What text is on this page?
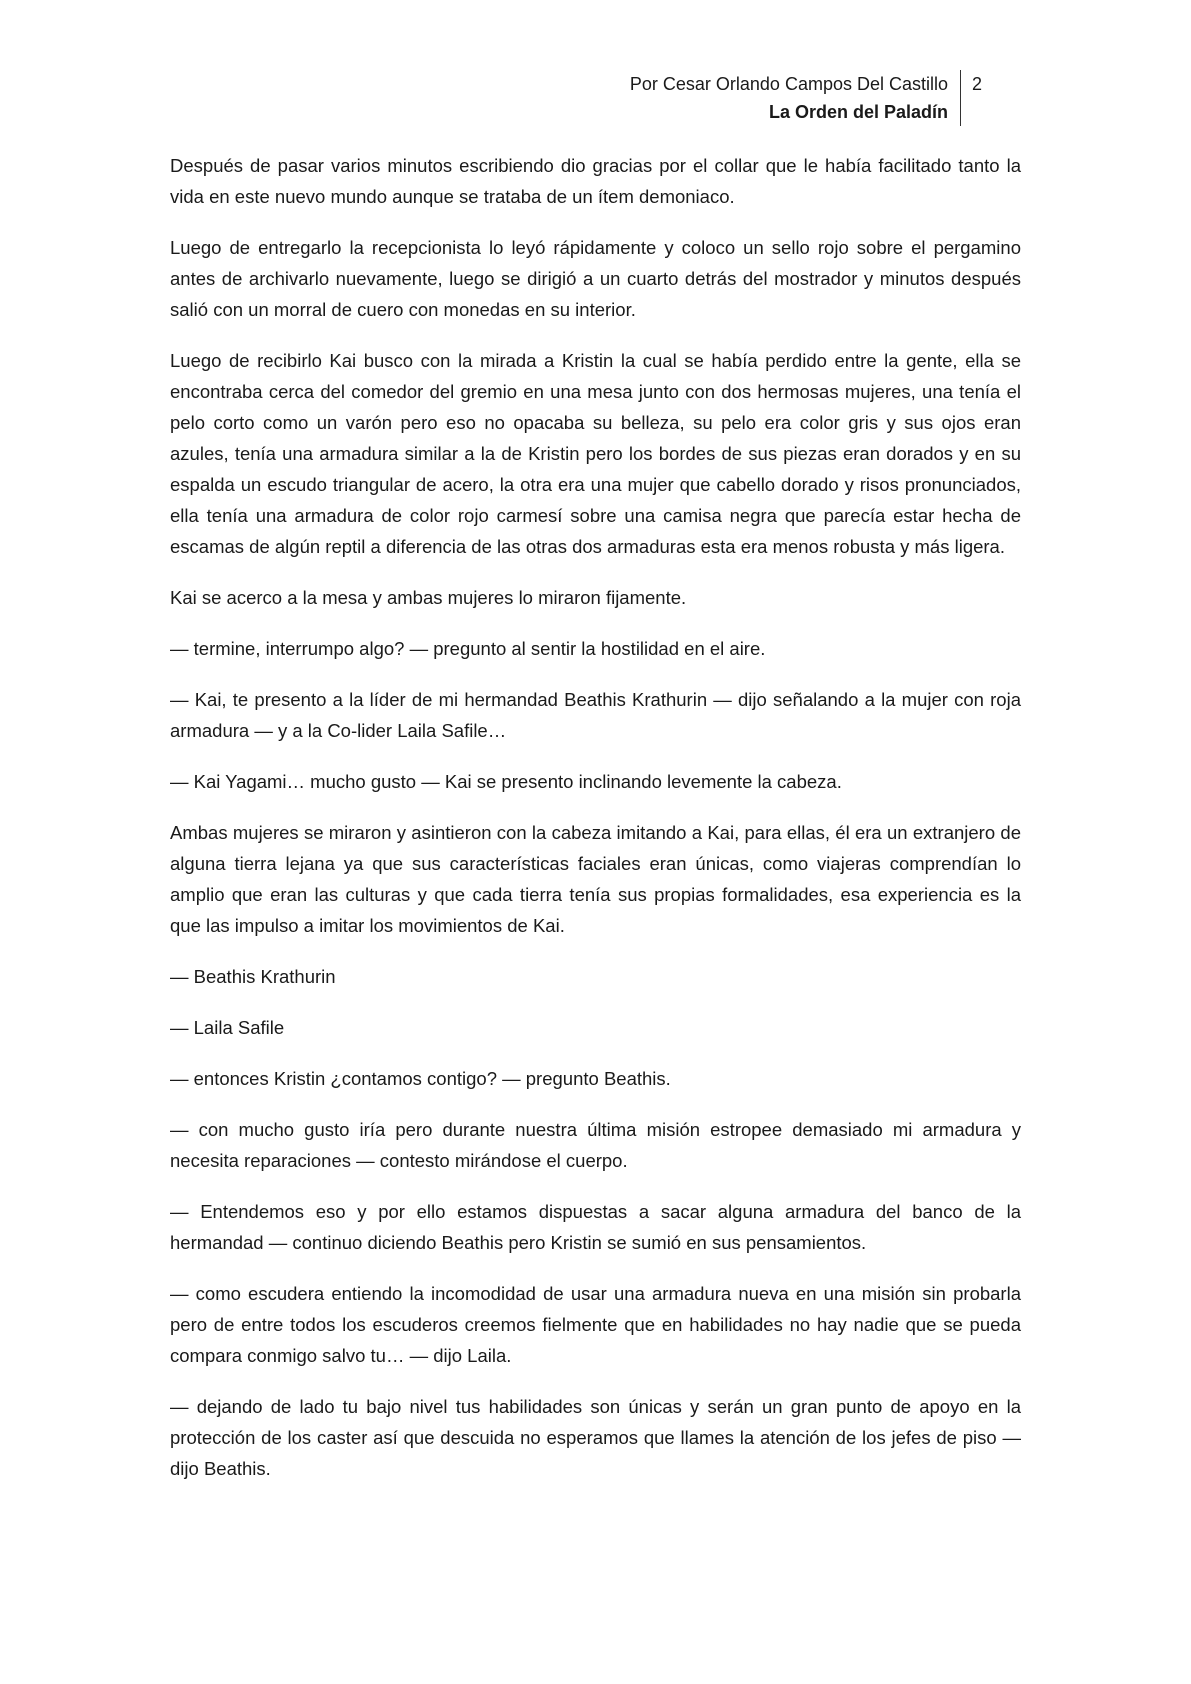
Por Cesar Orlando Campos Del Castillo
La Orden del Paladín
2

Después de pasar varios minutos escribiendo dio gracias por el collar que le había facilitado tanto la vida en este nuevo mundo aunque se trataba de un ítem demoniaco.

Luego de entregarlo la recepcionista lo leyó rápidamente y coloco un sello rojo sobre el pergamino antes de archivarlo nuevamente, luego se dirigió a un cuarto detrás del mostrador y minutos después salió con un morral de cuero con monedas en su interior.

Luego de recibirlo Kai busco con la mirada a Kristin la cual se había perdido entre la gente, ella se encontraba cerca del comedor del gremio en una mesa junto con dos hermosas mujeres, una tenía el pelo corto como un varón pero eso no opacaba su belleza, su pelo era color gris y sus ojos eran azules, tenía una armadura similar a la de Kristin pero los bordes de sus piezas eran dorados y en su espalda un escudo triangular de acero, la otra era una mujer que cabello dorado y risos pronunciados, ella tenía una armadura de color rojo carmesí sobre una camisa negra que parecía estar hecha de escamas de algún reptil a diferencia de las otras dos armaduras esta era menos robusta y más ligera.

Kai se acerco a la mesa y ambas mujeres lo miraron fijamente.

— termine, interrumpo algo? — pregunto al sentir la hostilidad en el aire.

— Kai, te presento a la líder de mi hermandad Beathis Krathurin — dijo señalando a la mujer con roja armadura — y a la Co-lider Laila Safile…

— Kai Yagami… mucho gusto — Kai se presento inclinando levemente la cabeza.

Ambas mujeres se miraron y asintieron con la cabeza imitando a Kai, para ellas, él era un extranjero de alguna tierra lejana ya que sus características faciales eran únicas, como viajeras comprendían lo amplio que eran las culturas y que cada tierra tenía sus propias formalidades, esa experiencia es la que las impulso a imitar los movimientos de Kai.

— Beathis Krathurin

— Laila Safile

— entonces Kristin ¿contamos contigo? — pregunto Beathis.

— con mucho gusto iría pero durante nuestra última misión estropee demasiado mi armadura y necesita reparaciones — contesto mirándose el cuerpo.

— Entendemos eso y por ello estamos dispuestas a sacar alguna armadura del banco de la hermandad — continuo diciendo Beathis pero Kristin se sumió en sus pensamientos.

— como escudera entiendo la incomodidad de usar una armadura nueva en una misión sin probarla pero de entre todos los escuderos creemos fielmente que en habilidades no hay nadie que se pueda compara conmigo salvo tu… — dijo Laila.

— dejando de lado tu bajo nivel tus habilidades son únicas y serán un gran punto de apoyo en la protección de los caster así que descuida no esperamos que llames la atención de los jefes de piso — dijo Beathis.
